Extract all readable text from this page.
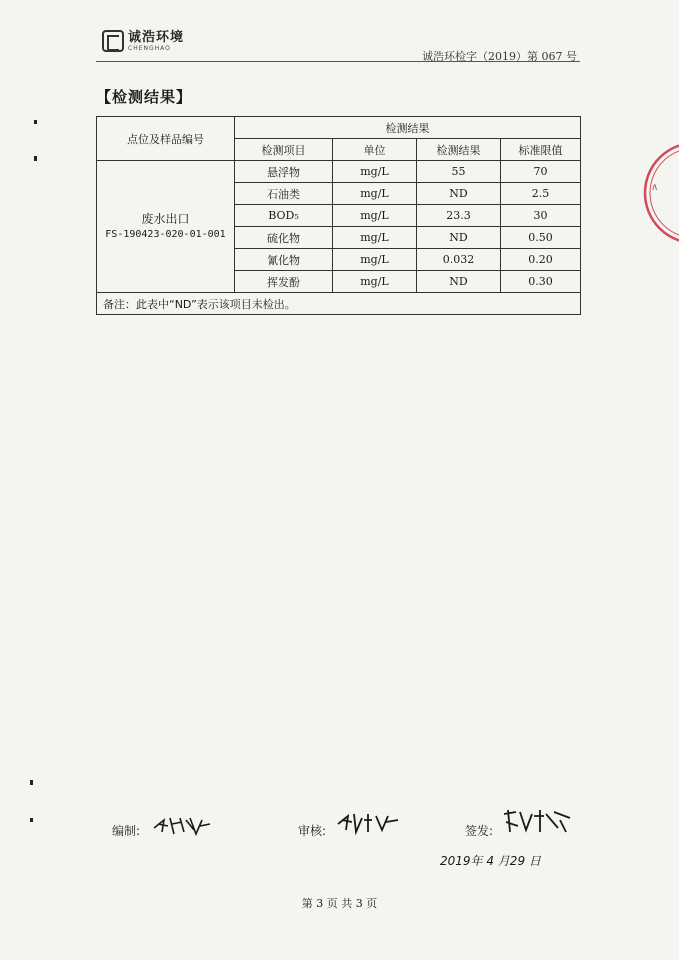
诚浩环境
CHENGHAO
诚浩环检字（2019）第 067 号
【检测结果】
点位及样品编号	检测结果			
	检测项目	单位	检测结果	标准限值

废水出口
FS-190423-020-01-001	悬浮物	mg/L	55	70
	石油类	mg/L	ND	2.5
	BOD₅	mg/L	23.3	30
	硫化物	mg/L	ND	0.50
	氰化物	mg/L	0.032	0.20
	挥发酚	mg/L	ND	0.30
备注：此表中“ND”表示该项目未检出。				
编制:	审核:	签发:
2019年 4 月29 日
第 3 页 共 3 页
∧
